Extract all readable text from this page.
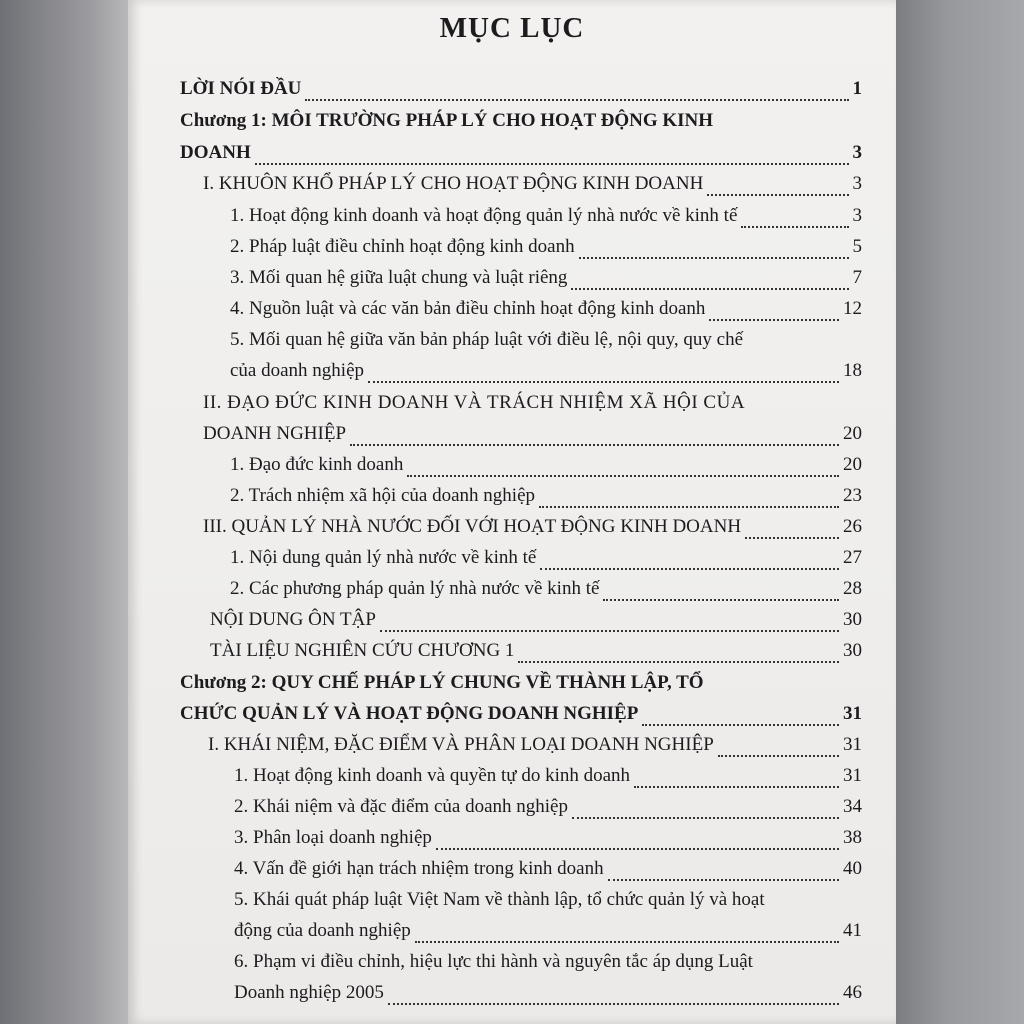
MỤC LỤC
LỜI NÓI ĐẦU	1
Chương 1: MÔI TRƯỜNG PHÁP LÝ CHO HOẠT ĐỘNG KINH
DOANH	3
I. KHUÔN KHỔ PHÁP LÝ CHO HOẠT ĐỘNG KINH DOANH	3
1. Hoạt động kinh doanh và hoạt động quản lý nhà nước về kinh tế	3
2. Pháp luật điều chỉnh hoạt động kinh doanh	5
3. Mối quan hệ giữa luật chung và luật riêng	7
4. Nguồn luật và các văn bản điều chỉnh hoạt động kinh doanh	12
5. Mối quan hệ giữa văn bản pháp luật với điều lệ, nội quy, quy chế
của doanh nghiệp	18
II. ĐẠO ĐỨC KINH DOANH VÀ TRÁCH NHIỆM XÃ HỘI CỦA
DOANH NGHIỆP	20
1. Đạo đức kinh doanh	20
2. Trách nhiệm xã hội của doanh nghiệp	23
III. QUẢN LÝ NHÀ NƯỚC ĐỐI VỚI HOẠT ĐỘNG KINH DOANH	26
1. Nội dung quản lý nhà nước về kinh tế	27
2. Các phương pháp quản lý nhà nước về kinh tế	28
NỘI DUNG ÔN TẬP	30
TÀI LIỆU NGHIÊN CỨU CHƯƠNG 1	30
Chương 2: QUY CHẾ PHÁP LÝ CHUNG VỀ THÀNH LẬP, TỔ
CHỨC QUẢN LÝ VÀ HOẠT ĐỘNG DOANH NGHIỆP	31
I. KHÁI NIỆM, ĐẶC ĐIỂM VÀ PHÂN LOẠI DOANH NGHIỆP	31
1. Hoạt động kinh doanh và quyền tự do kinh doanh	31
2. Khái niệm và đặc điểm của doanh nghiệp	34
3. Phân loại doanh nghiệp	38
4. Vấn đề giới hạn trách nhiệm trong kinh doanh	40
5. Khái quát pháp luật Việt Nam về thành lập, tổ chức quản lý và hoạt
động của doanh nghiệp	41
6. Phạm vi điều chỉnh, hiệu lực thi hành và nguyên tắc áp dụng Luật
Doanh nghiệp 2005	46
